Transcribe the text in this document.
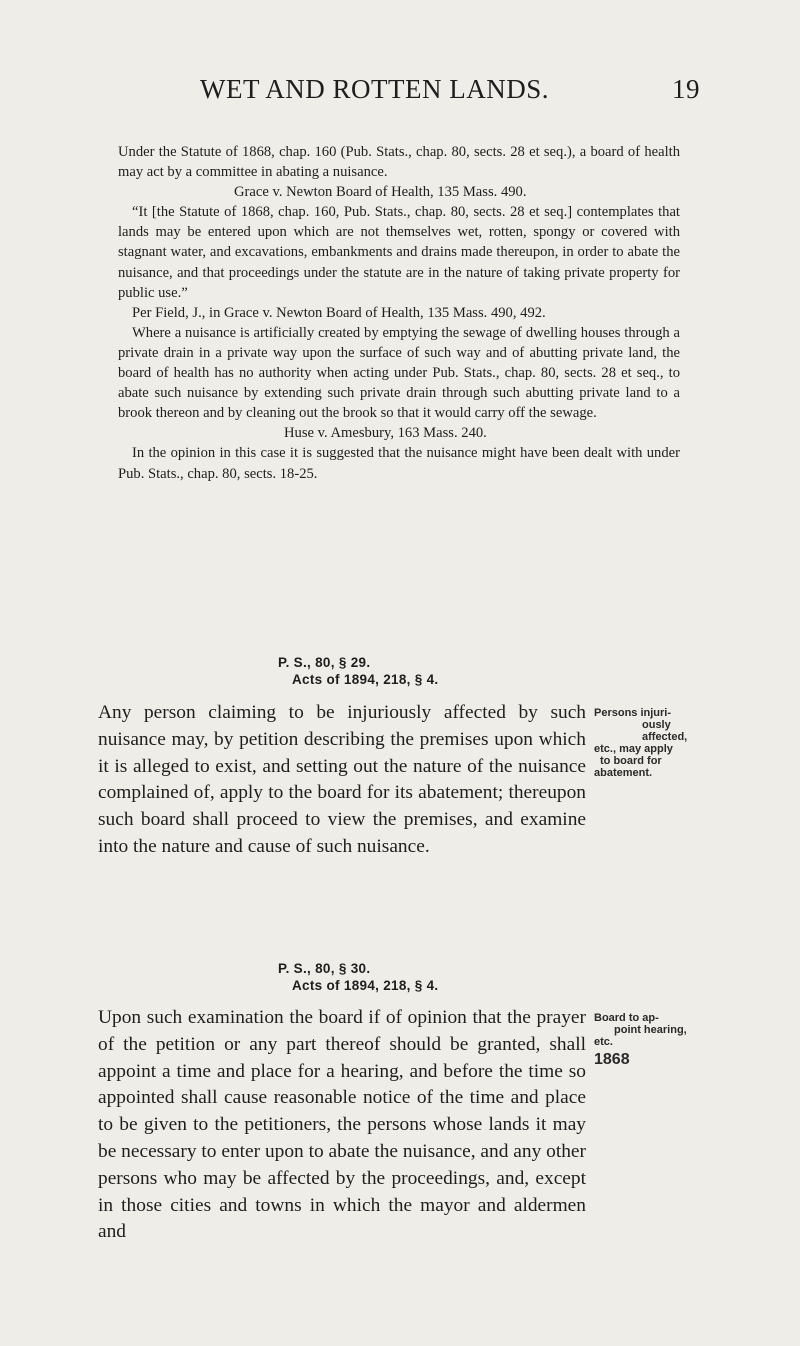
WET AND ROTTEN LANDS.	19

Under the Statute of 1868, chap. 160 (Pub. Stats., chap. 80, sects. 28 et seq.), a board of health may act by a committee in abating a nuisance.

Grace v. Newton Board of Health, 135 Mass. 490.

“It [the Statute of 1868, chap. 160, Pub. Stats., chap. 80, sects. 28 et seq.] contemplates that lands may be entered upon which are not themselves wet, rotten, spongy or covered with stagnant water, and excavations, embankments and drains made thereupon, in order to abate the nuisance, and that proceedings under the statute are in the nature of taking private property for public use.”

Per Field, J., in Grace v. Newton Board of Health, 135 Mass. 490, 492.

Where a nuisance is artificially created by emptying the sewage of dwelling houses through a private drain in a private way upon the surface of such way and of abutting private land, the board of health has no authority when acting under Pub. Stats., chap. 80, sects. 28 et seq., to abate such nuisance by extending such private drain through such abutting private land to a brook thereon and by cleaning out the brook so that it would carry off the sewage.

Huse v. Amesbury, 163 Mass. 240.

In the opinion in this case it is suggested that the nuisance might have been dealt with under Pub. Stats., chap. 80, sects. 18-25.

P. S., 80, § 29.
Acts of 1894, 218, § 4.

Any person claiming to be injuriously affected by such nuisance may, by petition describing the premises upon which it is alleged to exist, and setting out the nature of the nuisance complained of, apply to the board for its abatement; thereupon such board shall proceed to view the premises, and examine into the nature and cause of such nuisance.

Persons injuri-
ously affected,
etc., may apply
to board for
abatement.
P. S., 80, § 30.
Acts of 1894, 218, § 4.

Upon such examination the board if of opinion that the prayer of the petition or any part thereof should be granted, shall appoint a time and place for a hearing, and before the time so appointed shall cause reasonable notice of the time and place to be given to the petitioners, the persons whose lands it may be necessary to enter upon to abate the nuisance, and any other persons who may be affected by the proceedings, and, except in those cities and towns in which the mayor and aldermen and

Board to ap-
point hearing,
etc.
1868
